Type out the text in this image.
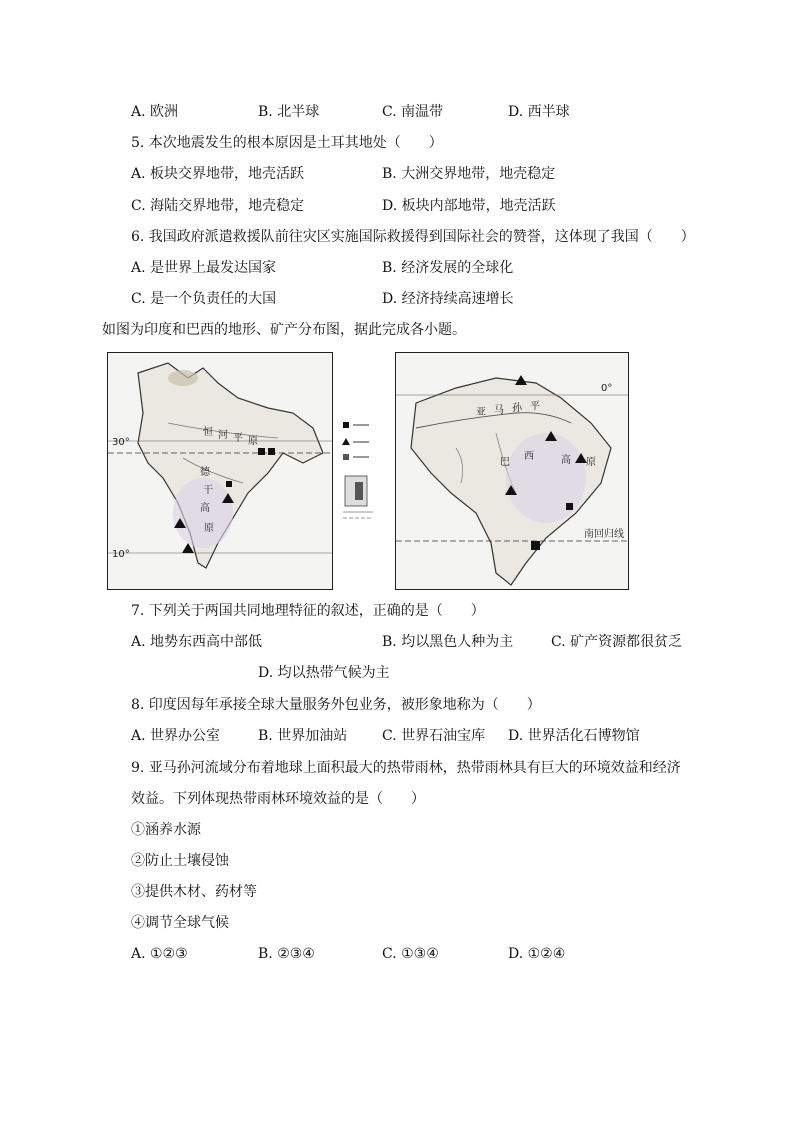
A. 欧洲	B. 北半球	C. 南温带	D. 西半球
5. 本次地震发生的根本原因是土耳其地处（　　）
A. 板块交界地带，地壳活跃	B. 大洲交界地带，地壳稳定
C. 海陆交界地带，地壳稳定	D. 板块内部地带，地壳活跃
6. 我国政府派遣救援队前往灾区实施国际救援得到国际社会的赞誉，这体现了我国（　　）
A. 是世界上最发达国家	B. 经济发展的全球化
C. 是一个负责任的大国	D. 经济持续高速增长
如图为印度和巴西的地形、矿产分布图，据此完成各小题。
30°
10°
恒 河 平 原
德
干
高
原
0°
南回归线
亚 马 孙 平
巴
西	高 原
7. 下列关于两国共同地理特征的叙述，正确的是（　　）
A. 地势东西高中部低	B. 均以黑色人种为主	C. 矿产资源都很贫乏
D. 均以热带气候为主
8. 印度因每年承接全球大量服务外包业务，被形象地称为（　　）
A. 世界办公室	B. 世界加油站 C. 世界石油宝库 D. 世界活化石博物馆
9. 亚马孙河流域分布着地球上面积最大的热带雨林，热带雨林具有巨大的环境效益和经济
效益。下列体现热带雨林环境效益的是（　　）
①涵养水源
②防止土壤侵蚀
③提供木材、药材等
④调节全球气候
A. ①②③	B. ②③④	C. ①③④	D. ①②④
